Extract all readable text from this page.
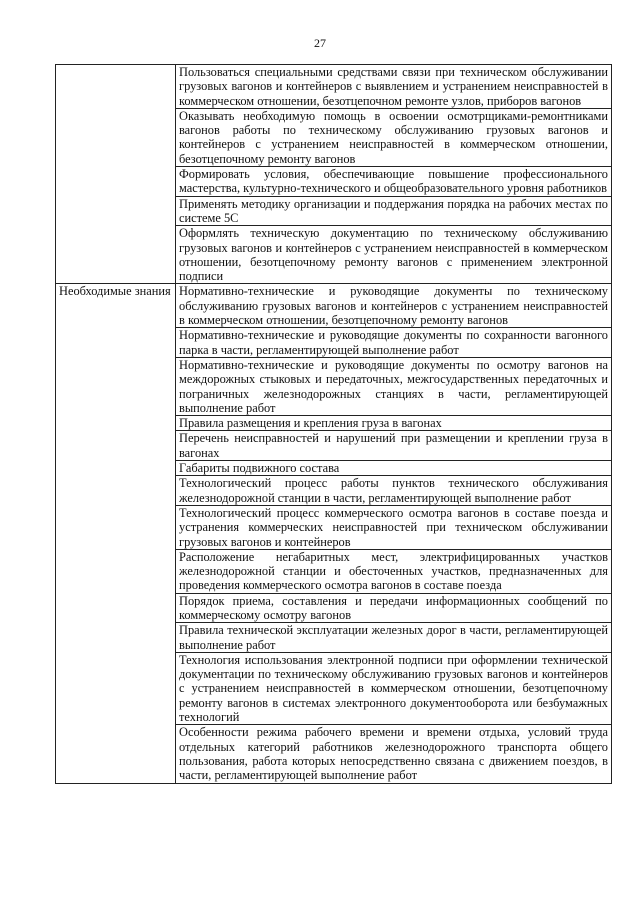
27
	Пользоваться специальными средствами связи при техническом обслуживании грузовых вагонов и контейнеров с выявлением и устранением неисправностей в коммерческом отношении, безотцепочном ремонте узлов, приборов вагонов
	Оказывать необходимую помощь в освоении осмотрщиками-ремонтниками вагонов работы по техническому обслуживанию грузовых вагонов и контейнеров с устранением неисправностей в коммерческом отношении, безотцепочному ремонту вагонов
	Формировать условия, обеспечивающие повышение профессионального мастерства, культурно-технического и общеобразовательного уровня работников
	Применять методику организации и поддержания порядка на рабочих местах по системе 5С
	Оформлять техническую документацию по техническому обслуживанию грузовых вагонов и контейнеров с устранением неисправностей в коммерческом отношении, безотцепочному ремонту вагонов с применением электронной подписи
Необходимые знания	Нормативно-технические и руководящие документы по техническому обслуживанию грузовых вагонов и контейнеров с устранением неисправностей в коммерческом отношении, безотцепочному ремонту вагонов
	Нормативно-технические и руководящие документы по сохранности вагонного парка в части, регламентирующей выполнение работ
	Нормативно-технические и руководящие документы по осмотру вагонов на междорожных стыковых и передаточных, межгосударственных передаточных и пограничных железнодорожных станциях в части, регламентирующей выполнение работ
	Правила размещения и крепления груза в вагонах
	Перечень неисправностей и нарушений при размещении и креплении груза в вагонах
	Габариты подвижного состава
	Технологический процесс работы пунктов технического обслуживания железнодорожной станции в части, регламентирующей выполнение работ
	Технологический процесс коммерческого осмотра вагонов в составе поезда и устранения коммерческих неисправностей при техническом обслуживании грузовых вагонов и контейнеров
	Расположение негабаритных мест, электрифицированных участков железнодорожной станции и обесточенных участков, предназначенных для проведения коммерческого осмотра вагонов в составе поезда
	Порядок приема, составления и передачи информационных сообщений по коммерческому осмотру вагонов
	Правила технической эксплуатации железных дорог в части, регламентирующей выполнение работ
	Технология использования электронной подписи при оформлении технической документации по техническому обслуживанию грузовых вагонов и контейнеров с устранением неисправностей в коммерческом отношении, безотцепочному ремонту вагонов в системах электронного документооборота или безбумажных технологий
	Особенности режима рабочего времени и времени отдыха, условий труда отдельных категорий работников железнодорожного транспорта общего пользования, работа которых непосредственно связана с движением поездов, в части, регламентирующей выполнение работ
